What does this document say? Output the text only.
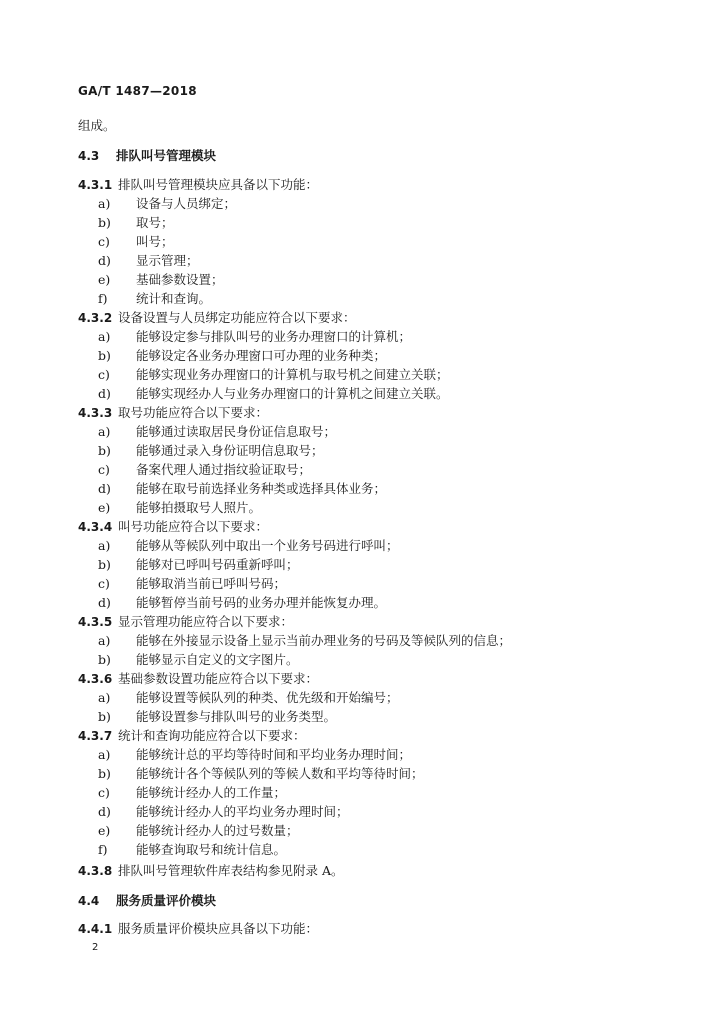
GA/T 1487—2018
组成。
4.3 排队叫号管理模块
4.3.1 排队叫号管理模块应具备以下功能：
a) 设备与人员绑定；
b) 取号；
c) 叫号；
d) 显示管理；
e) 基础参数设置；
f) 统计和查询。
4.3.2 设备设置与人员绑定功能应符合以下要求：
a) 能够设定参与排队叫号的业务办理窗口的计算机；
b) 能够设定各业务办理窗口可办理的业务种类；
c) 能够实现业务办理窗口的计算机与取号机之间建立关联；
d) 能够实现经办人与业务办理窗口的计算机之间建立关联。
4.3.3 取号功能应符合以下要求：
a) 能够通过读取居民身份证信息取号；
b) 能够通过录入身份证明信息取号；
c) 备案代理人通过指纹验证取号；
d) 能够在取号前选择业务种类或选择具体业务；
e) 能够拍摄取号人照片。
4.3.4 叫号功能应符合以下要求：
a) 能够从等候队列中取出一个业务号码进行呼叫；
b) 能够对已呼叫号码重新呼叫；
c) 能够取消当前已呼叫号码；
d) 能够暂停当前号码的业务办理并能恢复办理。
4.3.5 显示管理功能应符合以下要求：
a) 能够在外接显示设备上显示当前办理业务的号码及等候队列的信息；
b) 能够显示自定义的文字图片。
4.3.6 基础参数设置功能应符合以下要求：
a) 能够设置等候队列的种类、优先级和开始编号；
b) 能够设置参与排队叫号的业务类型。
4.3.7 统计和查询功能应符合以下要求：
a) 能够统计总的平均等待时间和平均业务办理时间；
b) 能够统计各个等候队列的等候人数和平均等待时间；
c) 能够统计经办人的工作量；
d) 能够统计经办人的平均业务办理时间；
e) 能够统计经办人的过号数量；
f) 能够查询取号和统计信息。
4.3.8 排队叫号管理软件库表结构参见附录 A。
4.4 服务质量评价模块
4.4.1 服务质量评价模块应具备以下功能：
2
